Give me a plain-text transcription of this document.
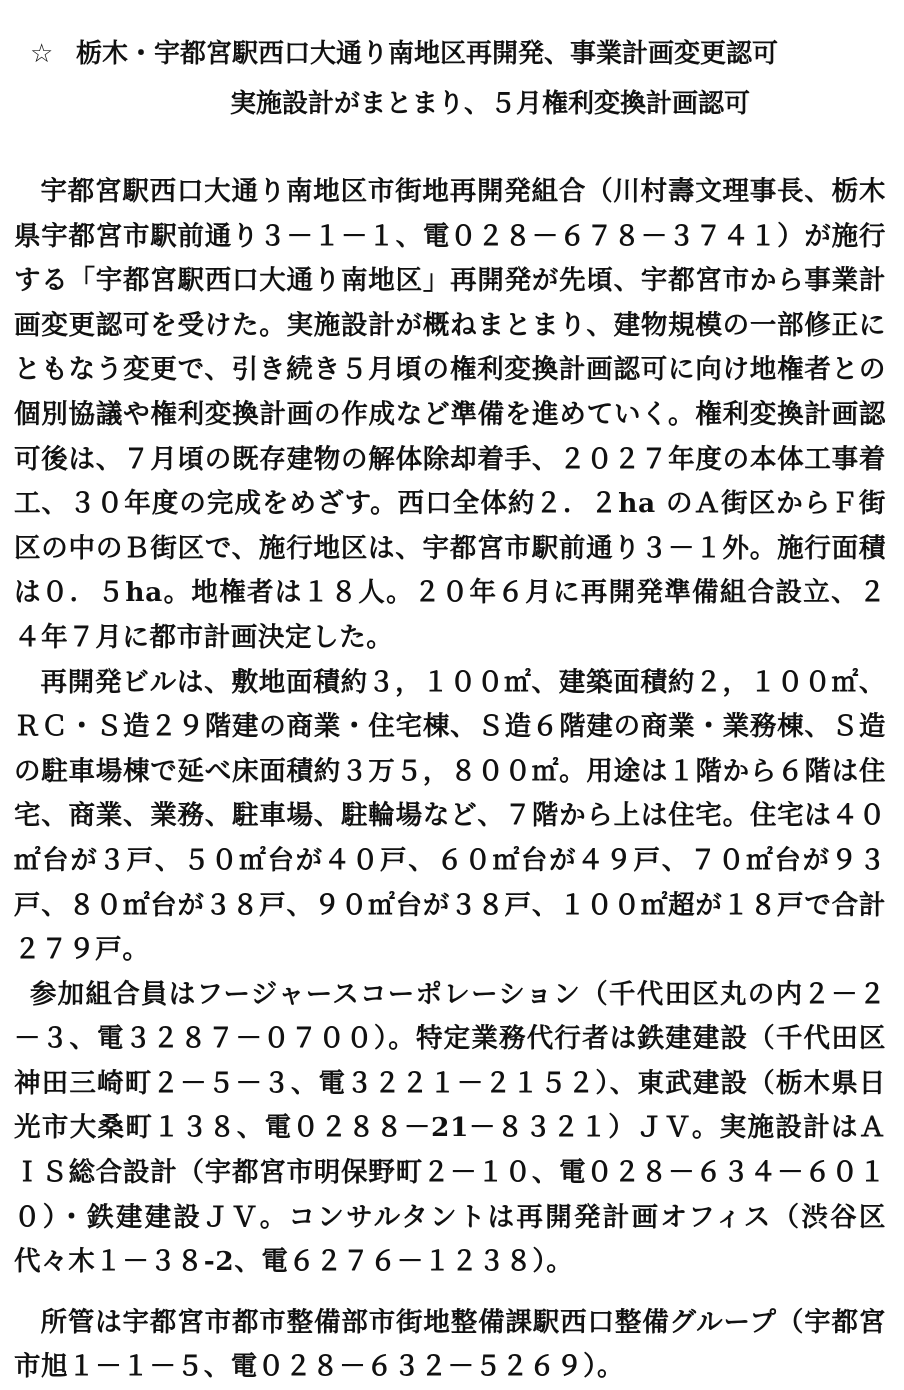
☆ 栃木・宇都宮駅西口大通り南地区再開発、事業計画変更認可
実施設計がまとまり、５月権利変換計画認可

宇都宮駅西口大通り南地区市街地再開発組合（川村壽文理事長、栃木県宇都宮市駅前通り３－１－１、電０２８－６７８－３７４１）が施行する「宇都宮駅西口大通り南地区」再開発が先頃、宇都宮市から事業計画変更認可を受けた。実施設計が概ねまとまり、建物規模の一部修正にともなう変更で、引き続き５月頃の権利変換計画認可に向け地権者との個別協議や権利変換計画の作成など準備を進めていく。権利変換計画認可後は、７月頃の既存建物の解体除却着手、２０２７年度の本体工事着工、３０年度の完成をめざす。西口全体約２．２ha のＡ街区からＦ街区の中のＢ街区で、施行地区は、宇都宮市駅前通り３－１外。施行面積は０．５ha。地権者は１８人。２０年６月に再開発準備組合設立、２４年７月に都市計画決定した。

再開発ビルは、敷地面積約３，１００㎡、建築面積約２，１００㎡、ＲＣ・Ｓ造２９階建の商業・住宅棟、Ｓ造６階建の商業・業務棟、Ｓ造の駐車場棟で延べ床面積約３万５，８００㎡。用途は１階から６階は住宅、商業、業務、駐車場、駐輪場など、７階から上は住宅。住宅は４０㎡台が３戸、５０㎡台が４０戸、６０㎡台が４９戸、７０㎡台が９３戸、８０㎡台が３８戸、９０㎡台が３８戸、１００㎡超が１８戸で合計２７９戸。

参加組合員はフージャースコーポレーション（千代田区丸の内２－２－３、電３２８７－０７００）。特定業務代行者は鉄建建設（千代田区神田三崎町２－５－３、電３２２１－２１５２）、東武建設（栃木県日光市大桑町１３８、電０２８８－21－８３２１）ＪＶ。実施設計はＡＩＳ総合設計（宇都宮市明保野町２－１０、電０２８－６３４－６０１０）・鉄建建設ＪＶ。コンサルタントは再開発計画オフィス（渋谷区代々木１－３８-2、電６２７６－１２３８）。

所管は宇都宮市都市整備部市街地整備課駅西口整備グループ（宇都宮市旭１－１－５、電０２８－６３２－５２６９）。
